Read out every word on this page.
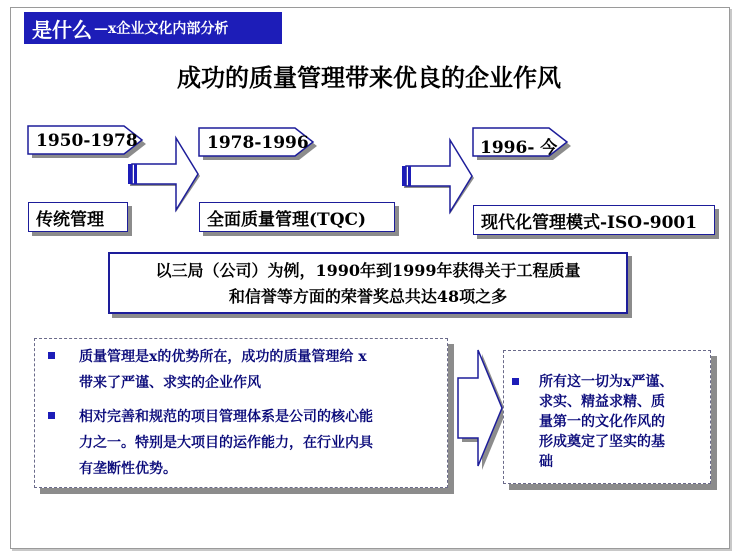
是什么 —x企业文化内部分析
成功的质量管理带来优良的企业作风
1950-1978	1978-1996	1996- 今
传统管理	全面质量管理(TQC)	现代化管理模式-ISO-9001
以三局（公司）为例，1990年到1999年获得关于工程质量
和信誉等方面的荣誉奖总共达48项之多
质量管理是x的优势所在，成功的质量管理给 x
带来了严谨、求实的企业作风
相对完善和规范的项目管理体系是公司的核心能
力之一。特别是大项目的运作能力，在行业内具
有垄断性优势。
所有这一切为x严谨、
求实、精益求精、质
量第一的文化作风的
形成奠定了坚实的基
础
